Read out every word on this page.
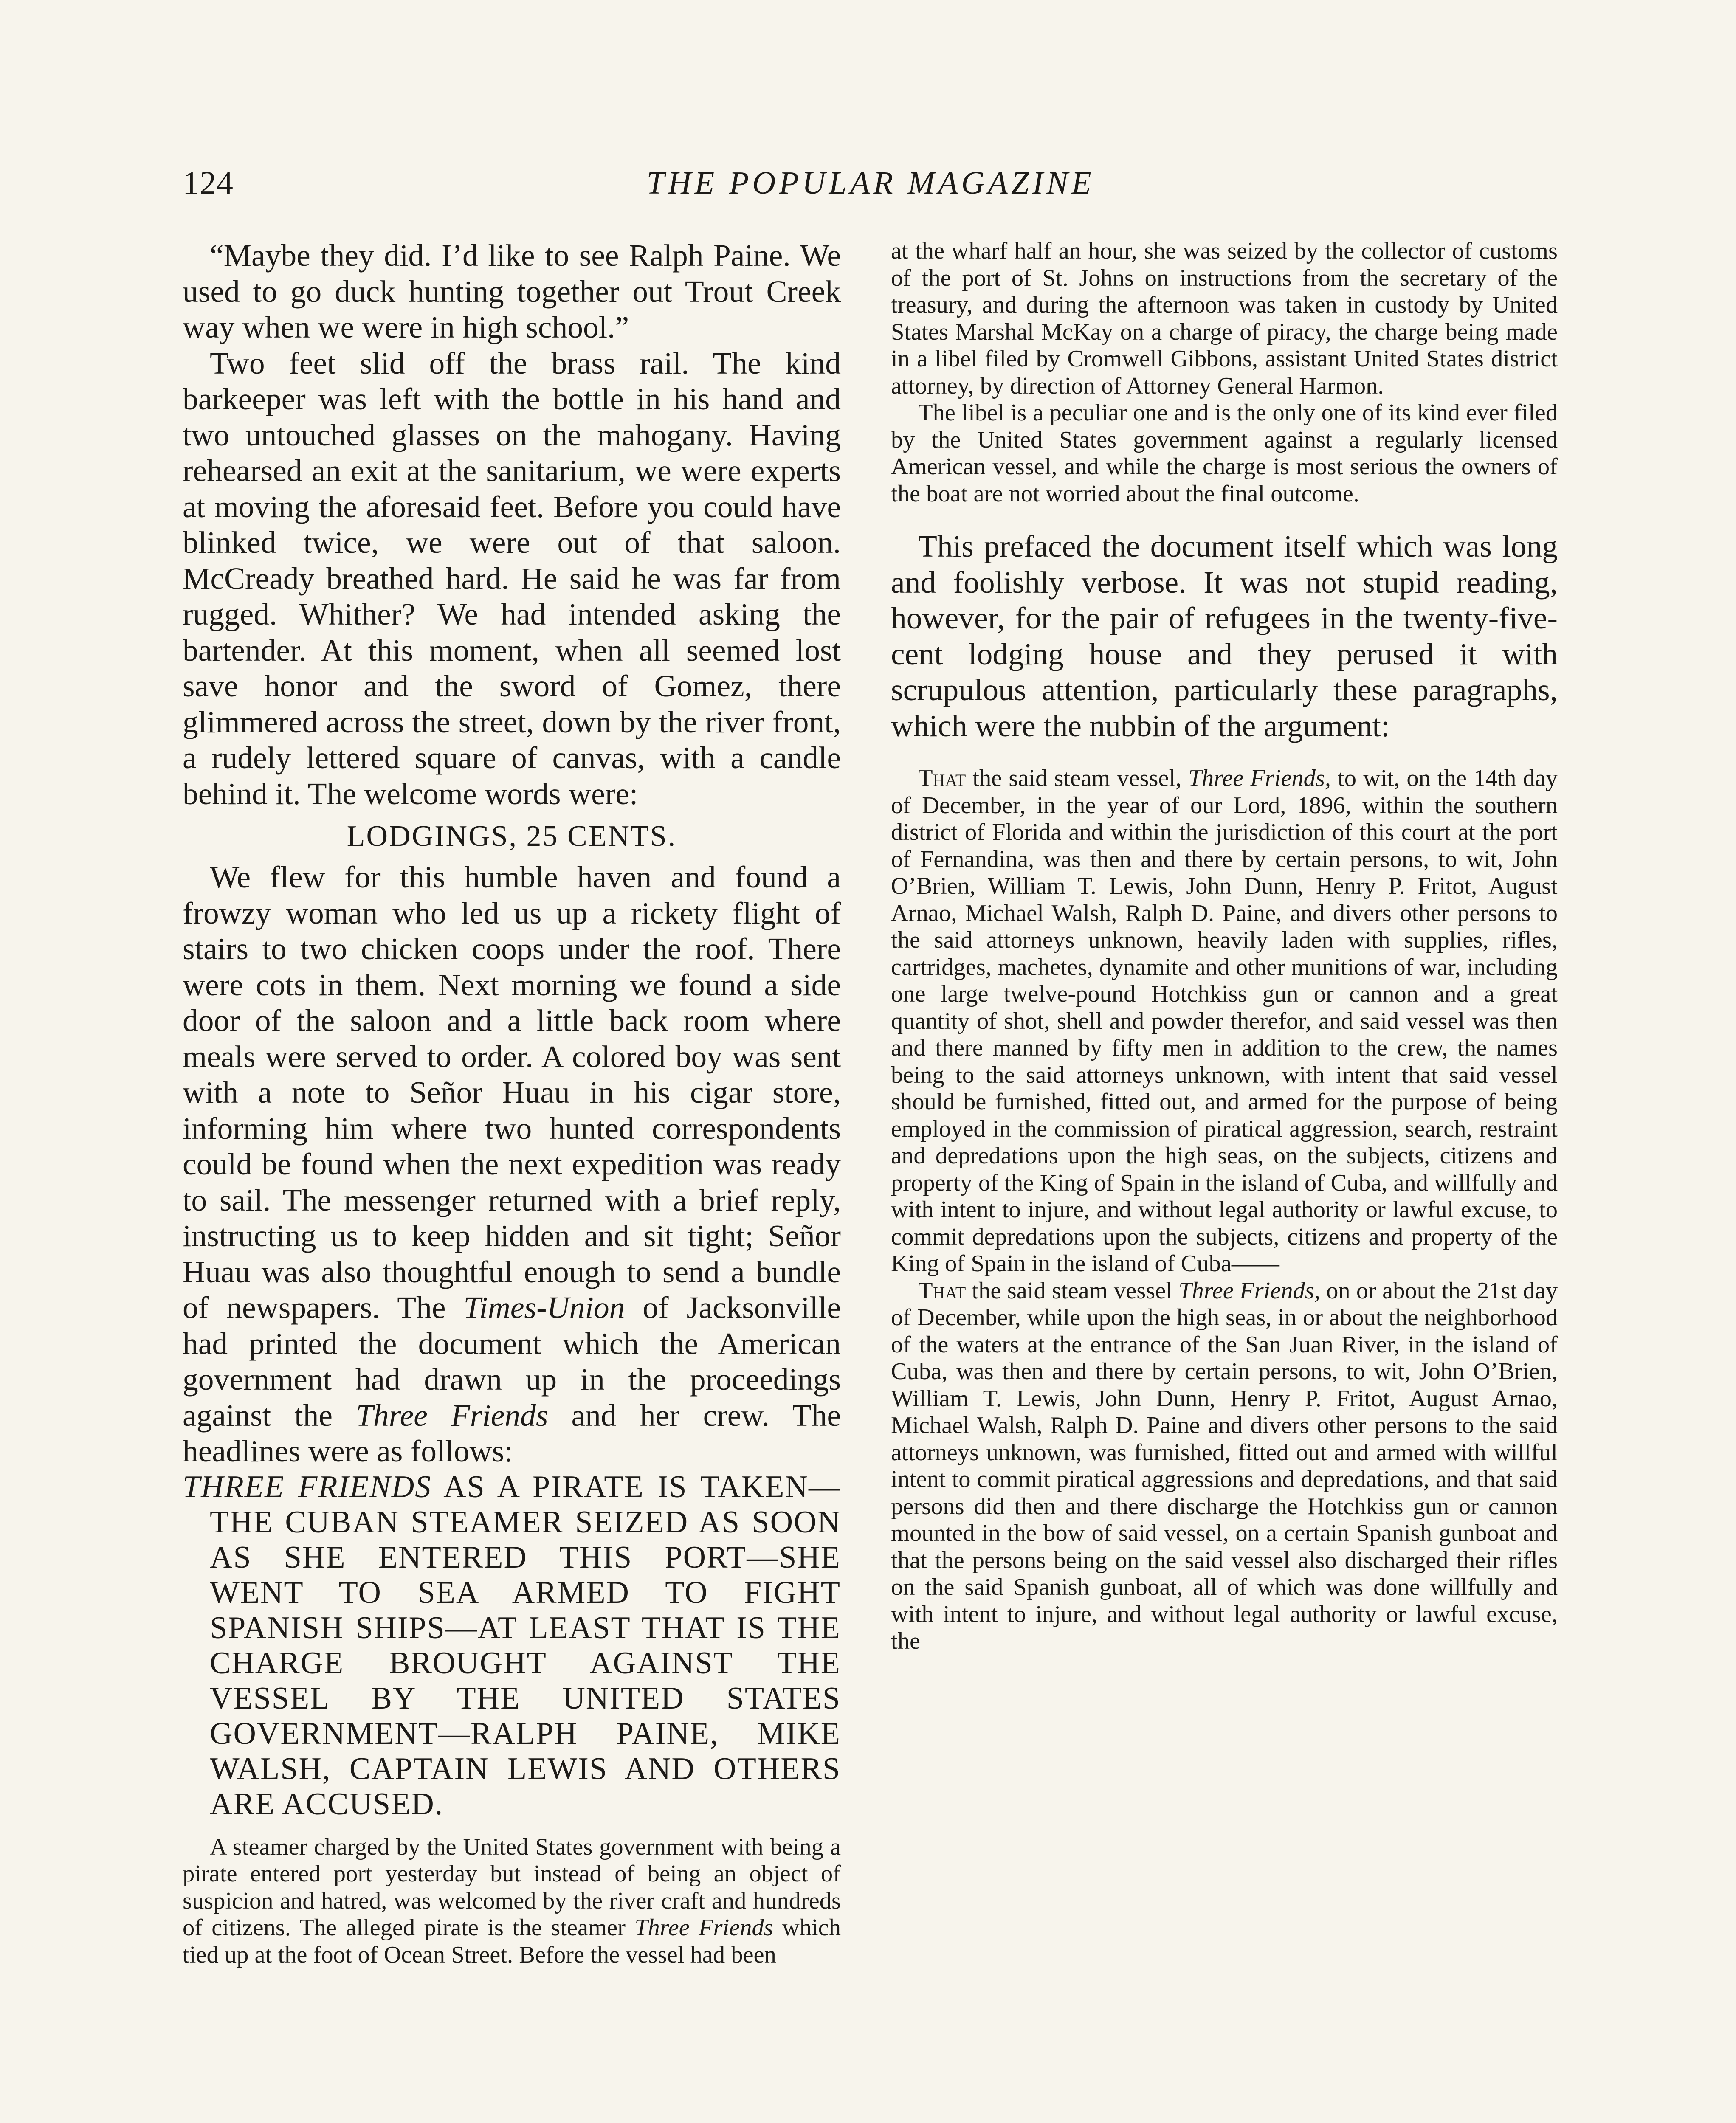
124	THE POPULAR MAGAZINE

“Maybe they did. I’d like to see Ralph Paine. We used to go duck hunting together out Trout Creek way when we were in high school.”

Two feet slid off the brass rail. The kind barkeeper was left with the bottle in his hand and two untouched glasses on the mahogany. Having rehearsed an exit at the sanitarium, we were experts at moving the aforesaid feet. Before you could have blinked twice, we were out of that saloon. McCready breathed hard. He said he was far from rugged. Whither? We had intended asking the bartender. At this moment, when all seemed lost save honor and the sword of Gomez, there glimmered across the street, down by the river front, a rudely lettered square of canvas, with a candle behind it. The welcome words were:

LODGINGS, 25 CENTS.

We flew for this humble haven and found a frowzy woman who led us up a rickety flight of stairs to two chicken coops under the roof. There were cots in them. Next morning we found a side door of the saloon and a little back room where meals were served to order. A colored boy was sent with a note to Señor Huau in his cigar store, informing him where two hunted correspondents could be found when the next expedition was ready to sail. The messenger returned with a brief reply, instructing us to keep hidden and sit tight; Señor Huau was also thoughtful enough to send a bundle of newspapers. The Times-Union of Jacksonville had printed the document which the American government had drawn up in the proceedings against the Three Friends and her crew. The headlines were as follows:

THREE FRIENDS AS A PIRATE IS TAKEN—THE CUBAN STEAMER SEIZED AS SOON AS SHE ENTERED THIS PORT—SHE WENT TO SEA ARMED TO FIGHT SPANISH SHIPS—AT LEAST THAT IS THE CHARGE BROUGHT AGAINST THE VESSEL BY THE UNITED STATES GOVERNMENT—RALPH PAINE, MIKE WALSH, CAPTAIN LEWIS AND OTHERS ARE ACCUSED.

A steamer charged by the United States government with being a pirate entered port yesterday but instead of being an object of suspicion and hatred, was welcomed by the river craft and hundreds of citizens. The alleged pirate is the steamer Three Friends which tied up at the foot of Ocean Street. Before the vessel had been

at the wharf half an hour, she was seized by the collector of customs of the port of St. Johns on instructions from the secretary of the treasury, and during the afternoon was taken in custody by United States Marshal McKay on a charge of piracy, the charge being made in a libel filed by Cromwell Gibbons, assistant United States district attorney, by direction of Attorney General Harmon.

The libel is a peculiar one and is the only one of its kind ever filed by the United States government against a regularly licensed American vessel, and while the charge is most serious the owners of the boat are not worried about the final outcome.

This prefaced the document itself which was long and foolishly verbose. It was not stupid reading, however, for the pair of refugees in the twenty-five-cent lodging house and they perused it with scrupulous attention, particularly these paragraphs, which were the nubbin of the argument:

That the said steam vessel, Three Friends, to wit, on the 14th day of December, in the year of our Lord, 1896, within the southern district of Florida and within the jurisdiction of this court at the port of Fernandina, was then and there by certain persons, to wit, John O’Brien, William T. Lewis, John Dunn, Henry P. Fritot, August Arnao, Michael Walsh, Ralph D. Paine, and divers other persons to the said attorneys unknown, heavily laden with supplies, rifles, cartridges, machetes, dynamite and other munitions of war, including one large twelve-pound Hotchkiss gun or cannon and a great quantity of shot, shell and powder therefor, and said vessel was then and there manned by fifty men in addition to the crew, the names being to the said attorneys unknown, with intent that said vessel should be furnished, fitted out, and armed for the purpose of being employed in the commission of piratical aggression, search, restraint and depredations upon the high seas, on the subjects, citizens and property of the King of Spain in the island of Cuba, and willfully and with intent to injure, and without legal authority or lawful excuse, to commit depredations upon the subjects, citizens and property of the King of Spain in the island of Cuba——

That the said steam vessel Three Friends, on or about the 21st day of December, while upon the high seas, in or about the neighborhood of the waters at the entrance of the San Juan River, in the island of Cuba, was then and there by certain persons, to wit, John O’Brien, William T. Lewis, John Dunn, Henry P. Fritot, August Arnao, Michael Walsh, Ralph D. Paine and divers other persons to the said attorneys unknown, was furnished, fitted out and armed with willful intent to commit piratical aggressions and depredations, and that said persons did then and there discharge the Hotchkiss gun or cannon mounted in the bow of said vessel, on a certain Spanish gunboat and that the persons being on the said vessel also discharged their rifles on the said Spanish gunboat, all of which was done willfully and with intent to injure, and without legal authority or lawful excuse, the
